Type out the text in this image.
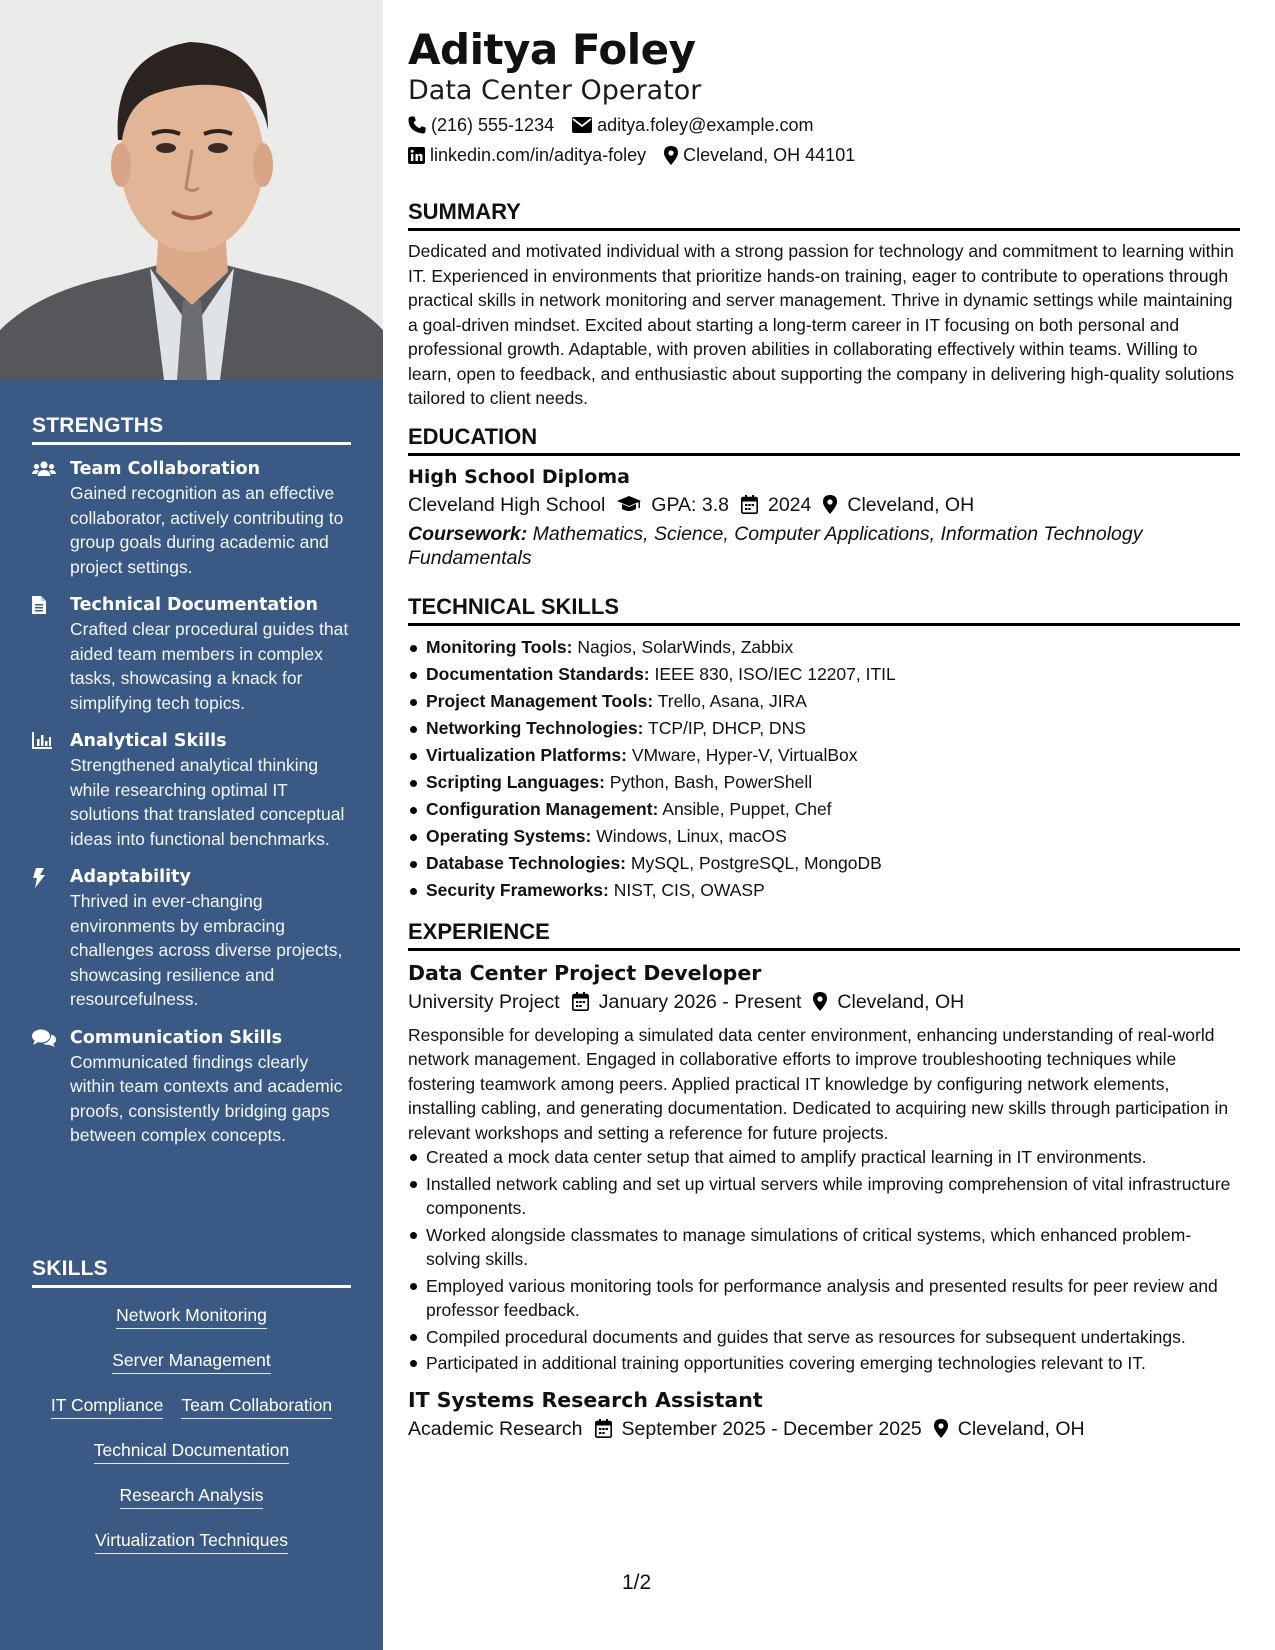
STRENGTHS
Team Collaboration
Gained recognition as an effective collaborator, actively contributing to group goals during academic and project settings.
Technical Documentation
Crafted clear procedural guides that aided team members in complex tasks, showcasing a knack for simplifying tech topics.
Analytical Skills
Strengthened analytical thinking while researching optimal IT solutions that translated conceptual ideas into functional benchmarks.
Adaptability
Thrived in ever-changing environments by embracing challenges across diverse projects, showcasing resilience and resourcefulness.
Communication Skills
Communicated findings clearly within team contexts and academic proofs, consistently bridging gaps between complex concepts.
SKILLS
Network Monitoring
Server Management
IT Compliance Team Collaboration
Technical Documentation
Research Analysis
Virtualization Techniques
Aditya Foley
Data Center Operator
(216) 555-1234 aditya.foley@example.com
linkedin.com/in/aditya-foley Cleveland, OH 44101
SUMMARY
Dedicated and motivated individual with a strong passion for technology and commitment to learning within IT. Experienced in environments that prioritize hands-on training, eager to contribute to operations through practical skills in network monitoring and server management. Thrive in dynamic settings while maintaining a goal-driven mindset. Excited about starting a long-term career in IT focusing on both personal and professional growth. Adaptable, with proven abilities in collaborating effectively within teams. Willing to learn, open to feedback, and enthusiastic about supporting the company in delivering high-quality solutions tailored to client needs.
EDUCATION
High School Diploma
Cleveland High School GPA: 3.8 2024 Cleveland, OH
Coursework: Mathematics, Science, Computer Applications, Information Technology Fundamentals
TECHNICAL SKILLS
Monitoring Tools: Nagios, SolarWinds, Zabbix
Documentation Standards: IEEE 830, ISO/IEC 12207, ITIL
Project Management Tools: Trello, Asana, JIRA
Networking Technologies: TCP/IP, DHCP, DNS
Virtualization Platforms: VMware, Hyper-V, VirtualBox
Scripting Languages: Python, Bash, PowerShell
Configuration Management: Ansible, Puppet, Chef
Operating Systems: Windows, Linux, macOS
Database Technologies: MySQL, PostgreSQL, MongoDB
Security Frameworks: NIST, CIS, OWASP
EXPERIENCE
Data Center Project Developer
University Project January 2026 - Present Cleveland, OH
Responsible for developing a simulated data center environment, enhancing understanding of real-world network management. Engaged in collaborative efforts to improve troubleshooting techniques while fostering teamwork among peers. Applied practical IT knowledge by configuring network elements, installing cabling, and generating documentation. Dedicated to acquiring new skills through participation in relevant workshops and setting a reference for future projects.
Created a mock data center setup that aimed to amplify practical learning in IT environments.
Installed network cabling and set up virtual servers while improving comprehension of vital infrastructure components.
Worked alongside classmates to manage simulations of critical systems, which enhanced problem-solving skills.
Employed various monitoring tools for performance analysis and presented results for peer review and professor feedback.
Compiled procedural documents and guides that serve as resources for subsequent undertakings.
Participated in additional training opportunities covering emerging technologies relevant to IT.
IT Systems Research Assistant
Academic Research September 2025 - December 2025 Cleveland, OH
1/2
